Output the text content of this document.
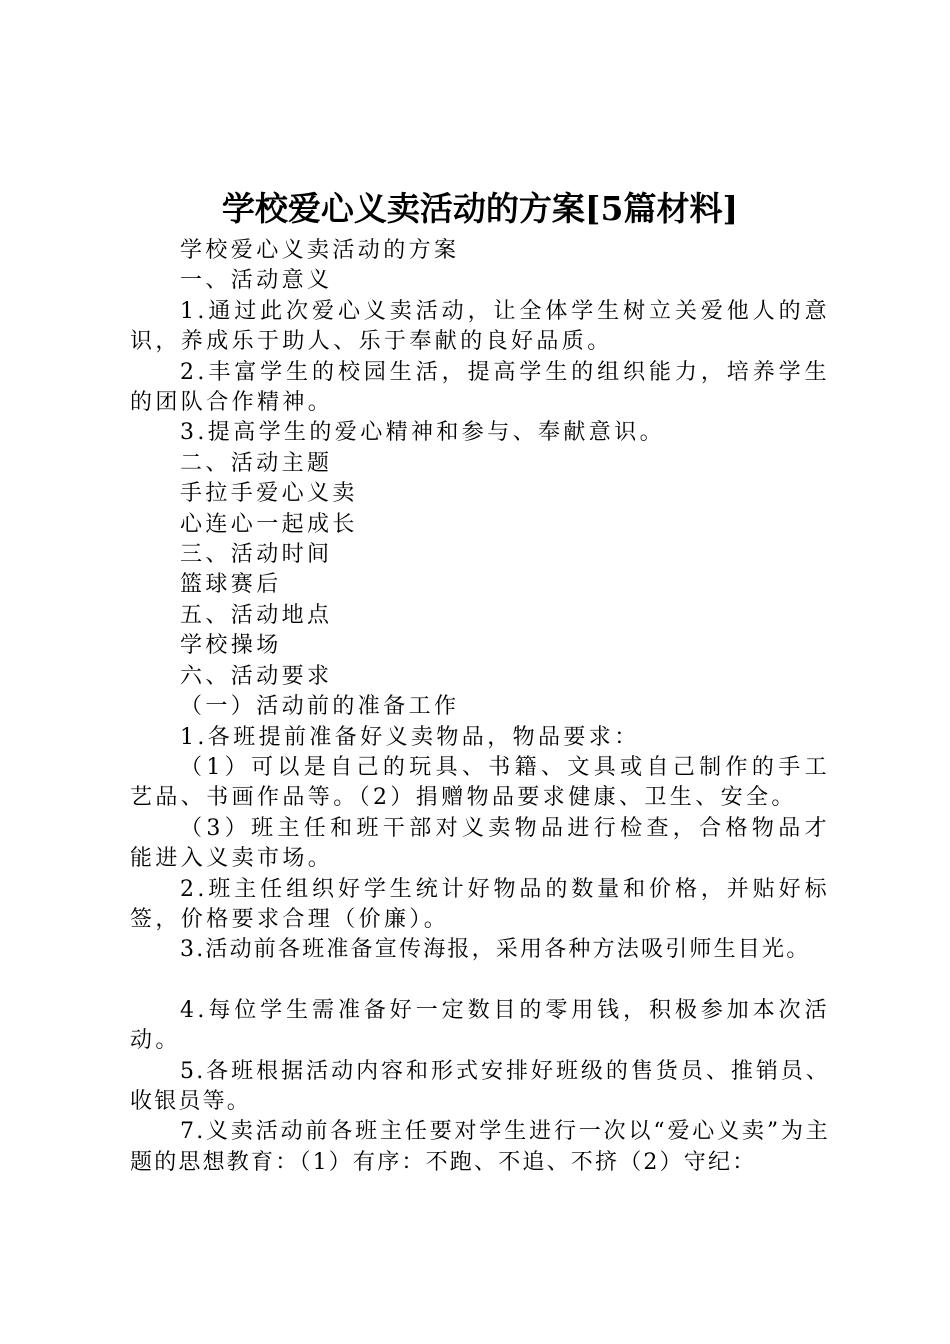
学校爱心义卖活动的方案[5篇材料]

学校爱心义卖活动的方案

一、活动意义

1.通过此次爱心义卖活动，让全体学生树立关爱他人的意识，养成乐于助人、乐于奉献的良好品质。

2.丰富学生的校园生活，提高学生的组织能力，培养学生的团队合作精神。

3.提高学生的爱心精神和参与、奉献意识。

二、活动主题

手拉手爱心义卖

心连心一起成长

三、活动时间

篮球赛后

五、活动地点

学校操场

六、活动要求

（一）活动前的准备工作

1.各班提前准备好义卖物品，物品要求：

（1）可以是自己的玩具、书籍、文具或自己制作的手工艺品、书画作品等。（2）捐赠物品要求健康、卫生、安全。

（3）班主任和班干部对义卖物品进行检查，合格物品才能进入义卖市场。

2.班主任组织好学生统计好物品的数量和价格，并贴好标签，价格要求合理（价廉）。

3.活动前各班准备宣传海报，采用各种方法吸引师生目光。

4.每位学生需准备好一定数目的零用钱，积极参加本次活动。

5.各班根据活动内容和形式安排好班级的售货员、推销员、收银员等。

7.义卖活动前各班主任要对学生进行一次以“爱心义卖”为主题的思想教育：（1）有序：不跑、不追、不挤（2）守纪：
